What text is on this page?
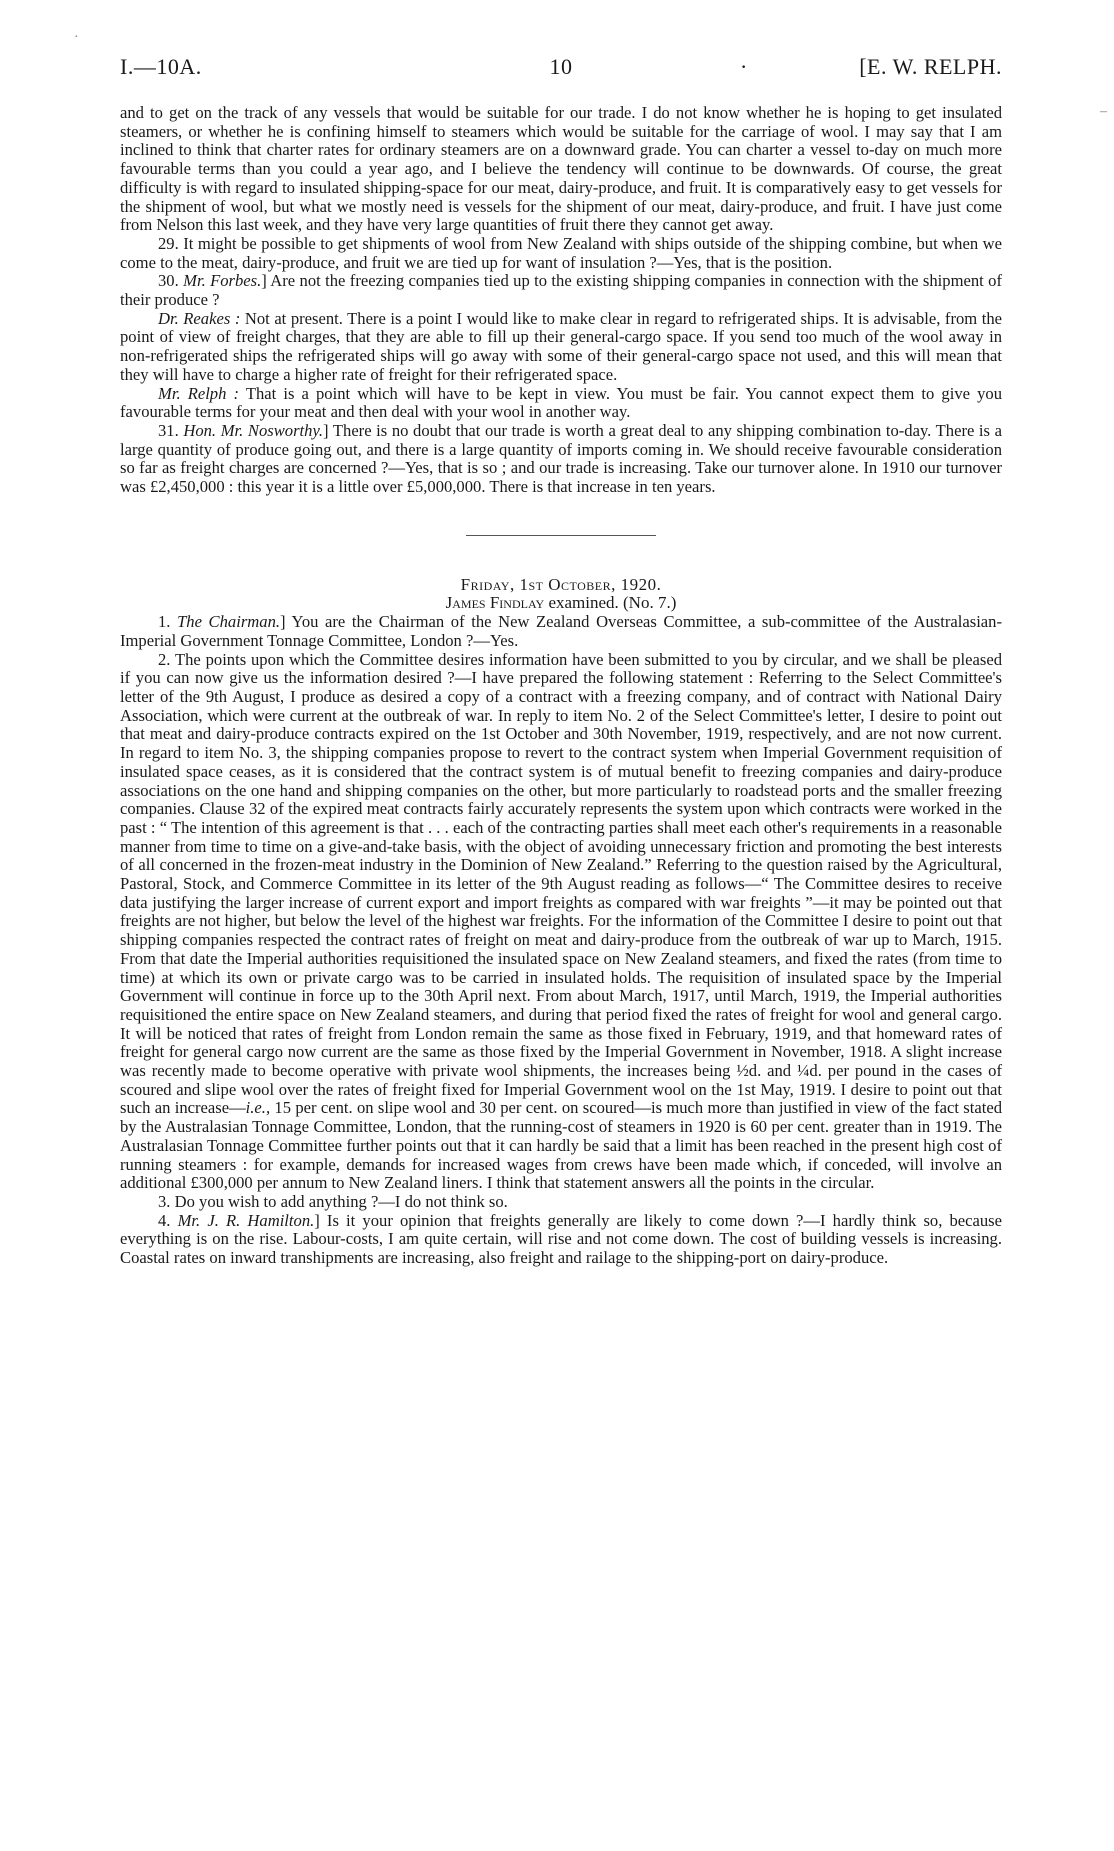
·
–
I.—10A.	10	·	[E. W. RELPH.

and to get on the track of any vessels that would be suitable for our trade. I do not know whether he is hoping to get insulated steamers, or whether he is confining himself to steamers which would be suitable for the carriage of wool. I may say that I am inclined to think that charter rates for ordinary steamers are on a downward grade. You can charter a vessel to-day on much more favourable terms than you could a year ago, and I believe the tendency will continue to be downwards. Of course, the great difficulty is with regard to insulated shipping-space for our meat, dairy-produce, and fruit. It is comparatively easy to get vessels for the shipment of wool, but what we mostly need is vessels for the shipment of our meat, dairy-produce, and fruit. I have just come from Nelson this last week, and they have very large quantities of fruit there they cannot get away.

29. It might be possible to get shipments of wool from New Zealand with ships outside of the shipping combine, but when we come to the meat, dairy-produce, and fruit we are tied up for want of insulation ?—Yes, that is the position.

30. Mr. Forbes.] Are not the freezing companies tied up to the existing shipping companies in connection with the shipment of their produce ?

Dr. Reakes : Not at present. There is a point I would like to make clear in regard to refrigerated ships. It is advisable, from the point of view of freight charges, that they are able to fill up their general-cargo space. If you send too much of the wool away in non-refrigerated ships the refrigerated ships will go away with some of their general-cargo space not used, and this will mean that they will have to charge a higher rate of freight for their refrigerated space.

Mr. Relph : That is a point which will have to be kept in view. You must be fair. You cannot expect them to give you favourable terms for your meat and then deal with your wool in another way.

31. Hon. Mr. Nosworthy.] There is no doubt that our trade is worth a great deal to any shipping combination to-day. There is a large quantity of produce going out, and there is a large quantity of imports coming in. We should receive favourable consideration so far as freight charges are concerned ?—Yes, that is so ; and our trade is increasing. Take our turnover alone. In 1910 our turnover was £2,450,000 : this year it is a little over £5,000,000. There is that increase in ten years.

Friday, 1st October, 1920.

James Findlay examined. (No. 7.)

1. The Chairman.] You are the Chairman of the New Zealand Overseas Committee, a sub-committee of the Australasian-Imperial Government Tonnage Committee, London ?—Yes.

2. The points upon which the Committee desires information have been submitted to you by circular, and we shall be pleased if you can now give us the information desired ?—I have prepared the following statement : Referring to the Select Committee's letter of the 9th August, I produce as desired a copy of a contract with a freezing company, and of contract with National Dairy Association, which were current at the outbreak of war. In reply to item No. 2 of the Select Committee's letter, I desire to point out that meat and dairy-produce contracts expired on the 1st October and 30th November, 1919, respectively, and are not now current. In regard to item No. 3, the shipping companies propose to revert to the contract system when Imperial Government requisition of insulated space ceases, as it is considered that the contract system is of mutual benefit to freezing companies and dairy-produce associations on the one hand and shipping companies on the other, but more particularly to roadstead ports and the smaller freezing companies. Clause 32 of the expired meat contracts fairly accurately represents the system upon which contracts were worked in the past : “ The intention of this agreement is that . . . each of the contracting parties shall meet each other's requirements in a reasonable manner from time to time on a give-and-take basis, with the object of avoiding unnecessary friction and promoting the best interests of all concerned in the frozen-meat industry in the Dominion of New Zealand.” Referring to the question raised by the Agricultural, Pastoral, Stock, and Commerce Committee in its letter of the 9th August reading as follows—“ The Committee desires to receive data justifying the larger increase of current export and import freights as compared with war freights ”—it may be pointed out that freights are not higher, but below the level of the highest war freights. For the information of the Committee I desire to point out that shipping companies respected the contract rates of freight on meat and dairy-produce from the outbreak of war up to March, 1915. From that date the Imperial authorities requisitioned the insulated space on New Zealand steamers, and fixed the rates (from time to time) at which its own or private cargo was to be carried in insulated holds. The requisition of insulated space by the Imperial Government will continue in force up to the 30th April next. From about March, 1917, until March, 1919, the Imperial authorities requisitioned the entire space on New Zealand steamers, and during that period fixed the rates of freight for wool and general cargo. It will be noticed that rates of freight from London remain the same as those fixed in February, 1919, and that homeward rates of freight for general cargo now current are the same as those fixed by the Imperial Government in November, 1918. A slight increase was recently made to become operative with private wool shipments, the increases being ½d. and ¼d. per pound in the cases of scoured and slipe wool over the rates of freight fixed for Imperial Government wool on the 1st May, 1919. I desire to point out that such an increase—i.e., 15 per cent. on slipe wool and 30 per cent. on scoured—is much more than justified in view of the fact stated by the Australasian Tonnage Committee, London, that the running-cost of steamers in 1920 is 60 per cent. greater than in 1919. The Australasian Tonnage Committee further points out that it can hardly be said that a limit has been reached in the present high cost of running steamers : for example, demands for increased wages from crews have been made which, if conceded, will involve an additional £300,000 per annum to New Zealand liners. I think that statement answers all the points in the circular.

3. Do you wish to add anything ?—I do not think so.

4. Mr. J. R. Hamilton.] Is it your opinion that freights generally are likely to come down ?—I hardly think so, because everything is on the rise. Labour-costs, I am quite certain, will rise and not come down. The cost of building vessels is increasing. Coastal rates on inward transhipments are increasing, also freight and railage to the shipping-port on dairy-produce.
